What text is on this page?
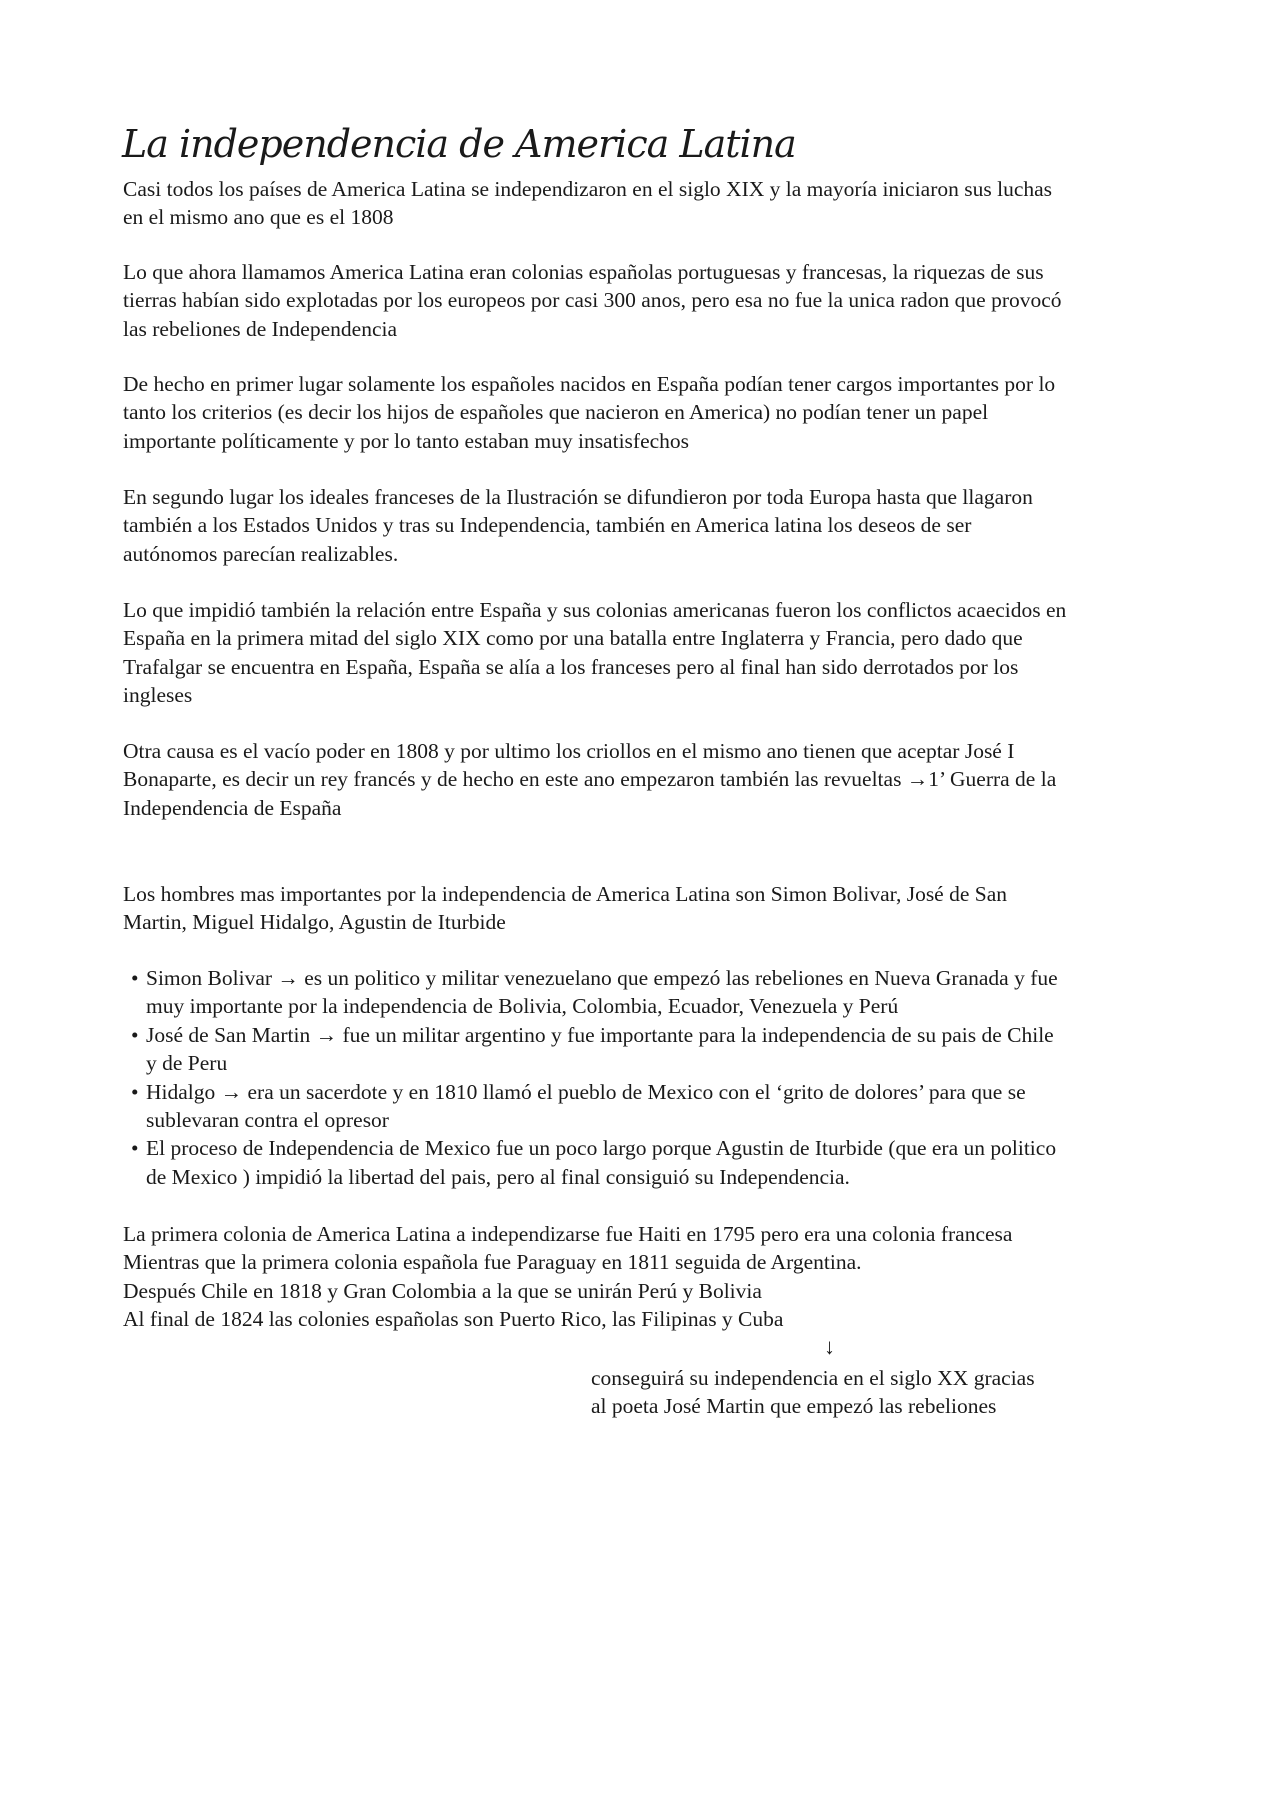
La independencia de America Latina
Casi todos los países de America Latina se independizaron en el siglo XIX y la mayoría iniciaron sus luchas
en el mismo ano que es el 1808
Lo que ahora llamamos America Latina eran colonias españolas portuguesas y francesas, la riquezas de sus
tierras habían sido explotadas por los europeos por casi 300 anos, pero esa no fue la unica radon que provocó
las rebeliones de Independencia
De hecho en primer lugar solamente los españoles nacidos en España podían tener cargos importantes por lo
tanto los criterios (es decir los hijos de españoles que nacieron en America) no podían tener un papel
importante políticamente y por lo tanto estaban muy insatisfechos
En segundo lugar los ideales franceses de la Ilustración se difundieron por toda Europa hasta que llagaron
también a los Estados Unidos y tras su Independencia, también en America latina los deseos de ser
autónomos parecían realizables.
Lo que impidió también la relación entre España y sus colonias americanas fueron los conflictos acaecidos en
España en la primera mitad del siglo XIX como por una batalla entre Inglaterra y Francia, pero dado que
Trafalgar se encuentra en España, España se alía a los franceses pero al final han sido derrotados por los
ingleses
Otra causa es el vacío poder en 1808 y por ultimo los criollos en el mismo ano tienen que aceptar José I
Bonaparte, es decir un rey francés y de hecho en este ano empezaron también las revueltas →1’ Guerra de la
Independencia de España
Los hombres mas importantes por la independencia de America Latina son Simon Bolivar, José de San
Martin, Miguel Hidalgo, Agustin de Iturbide
• Simon Bolivar → es un politico y militar venezuelano que empezó las rebeliones en Nueva Granada y fue
muy importante por la independencia de Bolivia, Colombia, Ecuador, Venezuela y Perú
• José de San Martin → fue un militar argentino y fue importante para la independencia de su pais de Chile
y de Peru
• Hidalgo → era un sacerdote y en 1810 llamó el pueblo de Mexico con el ‘grito de dolores’ para que se
sublevaran contra el opresor
• El proceso de Independencia de Mexico fue un poco largo porque Agustin de Iturbide (que era un politico
de Mexico ) impidió la libertad del pais, pero al final consiguió su Independencia.
La primera colonia de America Latina a independizarse fue Haiti en 1795 pero era una colonia francesa
Mientras que la primera colonia española fue Paraguay en 1811 seguida de Argentina.
Después Chile en 1818 y Gran Colombia a la que se unirán Perú y Bolivia
Al final de 1824 las colonies españolas son Puerto Rico, las Filipinas y Cuba
↓
conseguirá su independencia en el siglo XX gracias
al poeta José Martin que empezó las rebeliones
